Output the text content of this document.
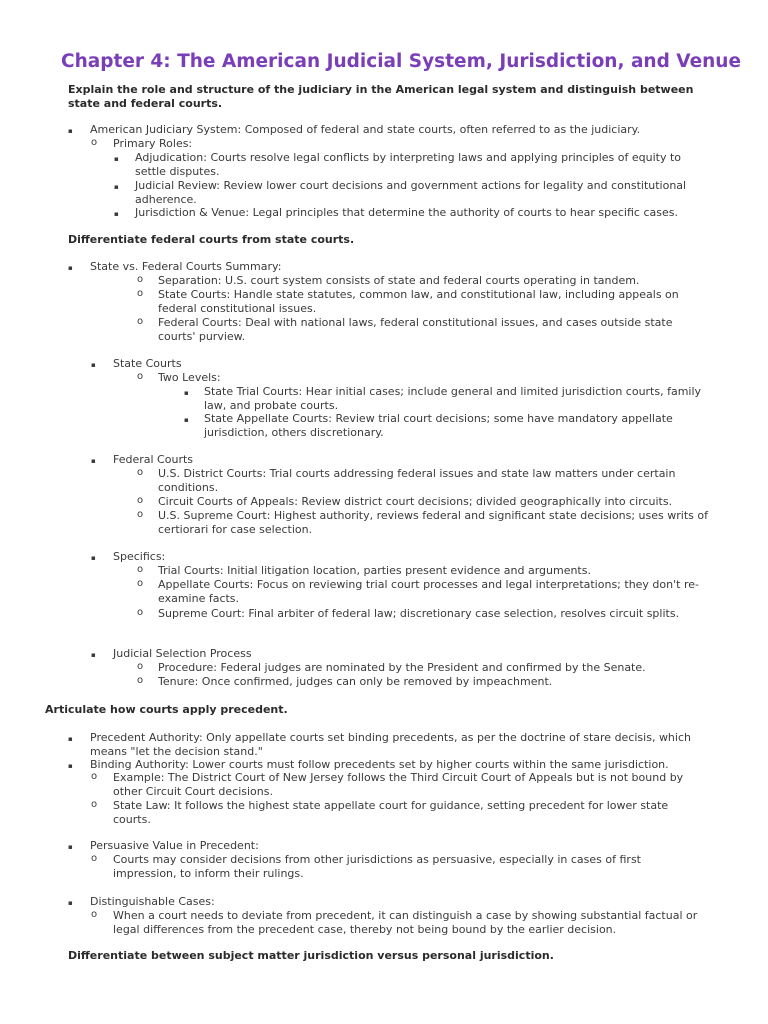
Chapter 4: The American Judicial System, Jurisdiction, and Venue

Explain the role and structure of the judiciary in the American legal system and distinguish between state and federal courts.

▪ American Judiciary System: Composed of federal and state courts, often referred to as the judiciary.
o Primary Roles:
▪ Adjudication: Courts resolve legal conflicts by interpreting laws and applying principles of equity to settle disputes.
▪ Judicial Review: Review lower court decisions and government actions for legality and constitutional adherence.
▪ Jurisdiction & Venue: Legal principles that determine the authority of courts to hear specific cases.

Differentiate federal courts from state courts.

▪ State vs. Federal Courts Summary:
o Separation: U.S. court system consists of state and federal courts operating in tandem.
o State Courts: Handle state statutes, common law, and constitutional law, including appeals on federal constitutional issues.
o Federal Courts: Deal with national laws, federal constitutional issues, and cases outside state courts' purview.
▪ State Courts
o Two Levels:
▪ State Trial Courts: Hear initial cases; include general and limited jurisdiction courts, family law, and probate courts.
▪ State Appellate Courts: Review trial court decisions; some have mandatory appellate jurisdiction, others discretionary.
▪ Federal Courts
o U.S. District Courts: Trial courts addressing federal issues and state law matters under certain conditions.
o Circuit Courts of Appeals: Review district court decisions; divided geographically into circuits.
o U.S. Supreme Court: Highest authority, reviews federal and significant state decisions; uses writs of certiorari for case selection.
▪ Specifics:
o Trial Courts: Initial litigation location, parties present evidence and arguments.
o Appellate Courts: Focus on reviewing trial court processes and legal interpretations; they don't re-examine facts.
o Supreme Court: Final arbiter of federal law; discretionary case selection, resolves circuit splits.
▪ Judicial Selection Process
o Procedure: Federal judges are nominated by the President and confirmed by the Senate.
o Tenure: Once confirmed, judges can only be removed by impeachment.

Articulate how courts apply precedent.

▪ Precedent Authority: Only appellate courts set binding precedents, as per the doctrine of stare decisis, which means "let the decision stand."
▪ Binding Authority: Lower courts must follow precedents set by higher courts within the same jurisdiction.
o Example: The District Court of New Jersey follows the Third Circuit Court of Appeals but is not bound by other Circuit Court decisions.
o State Law: It follows the highest state appellate court for guidance, setting precedent for lower state courts.
▪ Persuasive Value in Precedent:
o Courts may consider decisions from other jurisdictions as persuasive, especially in cases of first impression, to inform their rulings.
▪ Distinguishable Cases:
o When a court needs to deviate from precedent, it can distinguish a case by showing substantial factual or legal differences from the precedent case, thereby not being bound by the earlier decision.

Differentiate between subject matter jurisdiction versus personal jurisdiction.
